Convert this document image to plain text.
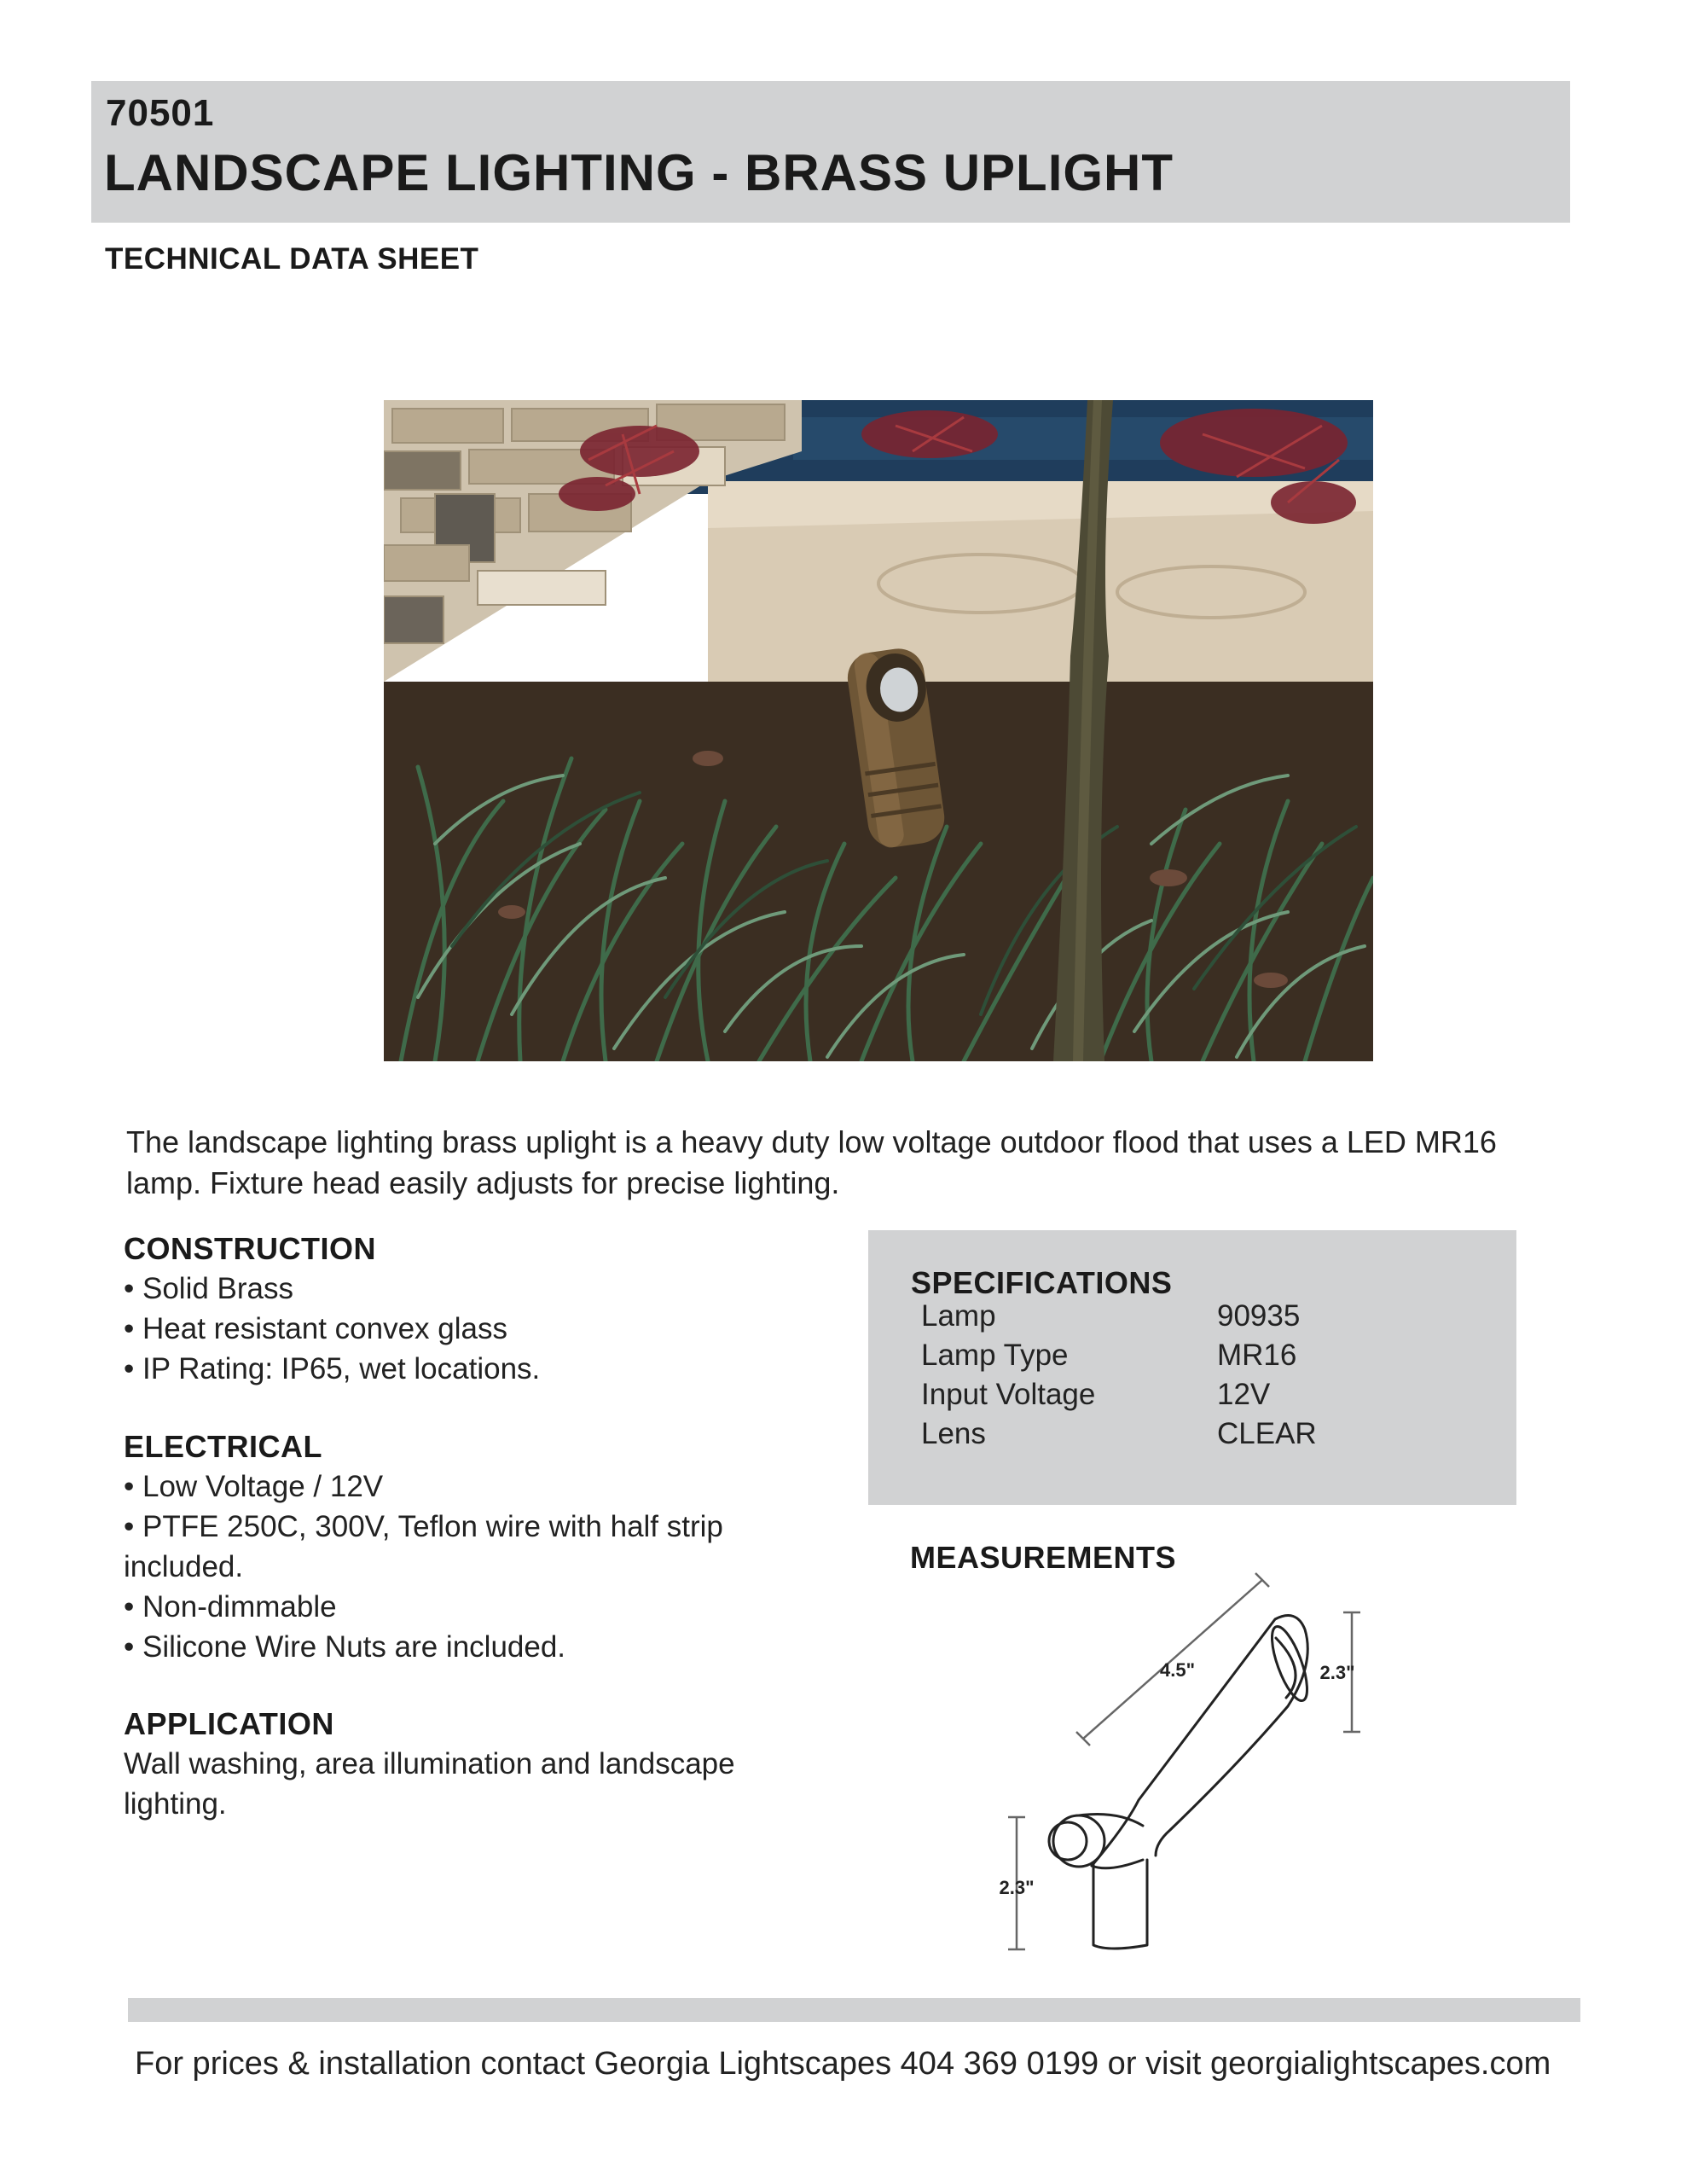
70501
LANDSCAPE LIGHTING - BRASS UPLIGHT
TECHNICAL DATA SHEET
The landscape lighting brass uplight is a heavy duty low voltage outdoor flood that uses a LED MR16 lamp. Fixture head easily adjusts for precise lighting.
CONSTRUCTION
• Solid Brass
• Heat resistant convex glass
• IP Rating: IP65, wet locations.
ELECTRICAL
• Low Voltage / 12V
• PTFE 250C, 300V, Teflon wire with half strip included.
• Non-dimmable
• Silicone Wire Nuts are included.
APPLICATION

Wall washing, area illumination and landscape lighting.

SPECIFICATIONS
Lamp	90935
Lamp Type	MR16
Input Voltage	12V
Lens	CLEAR
MEASUREMENTS
4.5"	2.3"
2.3"
For prices & installation contact Georgia Lightscapes 404 369 0199 or visit georgialightscapes.com
